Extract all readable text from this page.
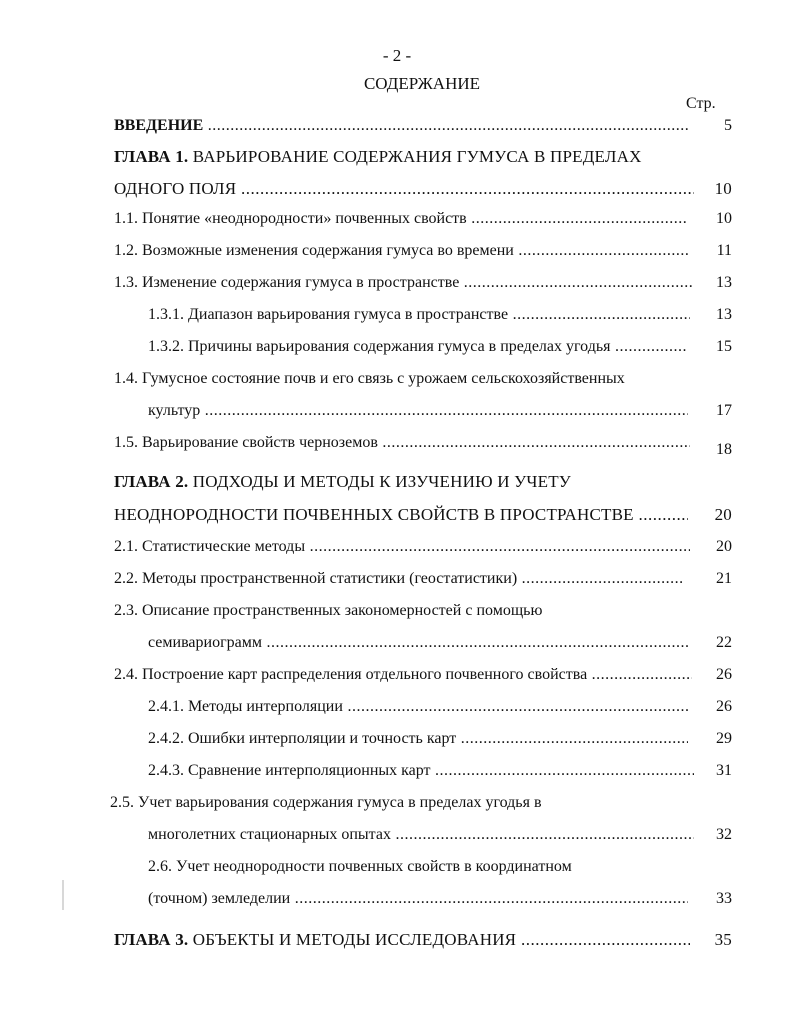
- 2 -
СОДЕРЖАНИЕ
Стр.
ВВЕДЕНИЕ .....	5
ГЛАВА 1. ВАРЬИРОВАНИЕ СОДЕРЖАНИЯ ГУМУСА В ПРЕДЕЛАХ
ОДНОГО ПОЛЯ .....	10
1.1. Понятие «неоднородности» почвенных свойств .....	10
1.2. Возможные изменения содержания гумуса во времени .....	11
1.3. Изменение содержания гумуса в пространстве .....	13
1.3.1. Диапазон варьирования гумуса в пространстве .....	13
1.3.2. Причины варьирования содержания гумуса в пределах угодья .....	15
1.4. Гумусное состояние почв и его связь с урожаем сельскохозяйственных
культур .....	17
1.5. Варьирование свойств черноземов .....	18
ГЛАВА 2. ПОДХОДЫ И МЕТОДЫ К ИЗУЧЕНИЮ И УЧЕТУ
НЕОДНОРОДНОСТИ ПОЧВЕННЫХ СВОЙСТВ В ПРОСТРАНСТВЕ .....	20
2.1. Статистические методы .....	20
2.2. Методы пространственной статистики (геостатистики) .....	21
2.3. Описание пространственных закономерностей с помощью
семивариограмм .....	22
2.4. Построение карт распределения отдельного почвенного свойства .....	26
2.4.1. Методы интерполяции .....	26
2.4.2. Ошибки интерполяции и точность карт .....	29
2.4.3. Сравнение интерполяционных карт .....	31
2.5. Учет варьирования содержания гумуса в пределах угодья в
многолетних стационарных опытах .....	32
2.6. Учет неоднородности почвенных свойств в координатном
(точном) земледелии .....	33
ГЛАВА 3. ОБЪЕКТЫ И МЕТОДЫ ИССЛЕДОВАНИЯ .....	35
